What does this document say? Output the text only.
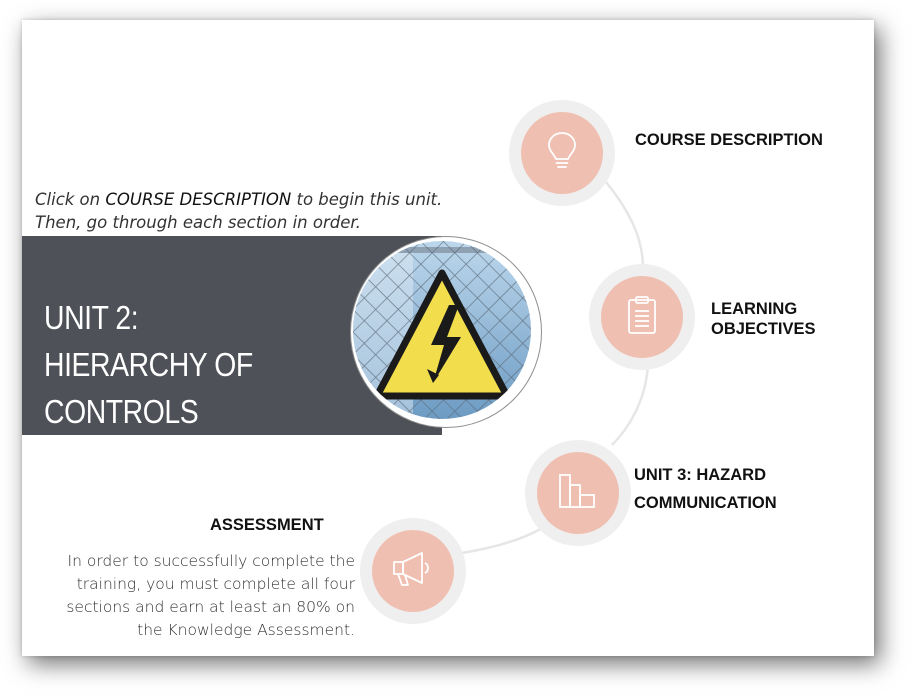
Click on COURSE DESCRIPTION to begin this unit.
Then, go through each section in order.
UNIT 2: HIERARCHY OF
CONTROLS
COURSE DESCRIPTION
LEARNING
OBJECTIVES
UNIT 3: HAZARD
COMMUNICATION
ASSESSMENT
In order to successfully complete the training, you must complete all four sections and earn at least an 80% on the Knowledge Assessment.
